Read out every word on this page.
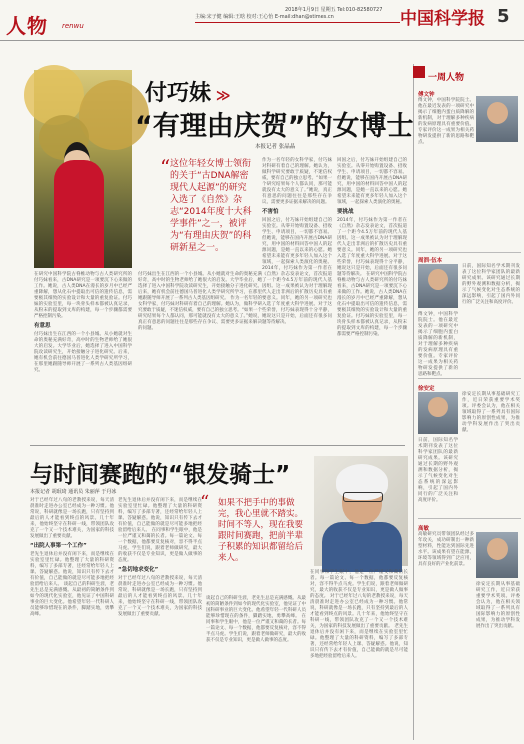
人物 renwu
2018年1月9日 星期五 Tel:010-82580727
主编:宋子健 编辑:王晗 校对:王心怡 E-mail:dhan@stimes.cn	中国科学报 5
付巧妹 ≫
“有理由庆贺”的女博士
本报记者 张晶晶
“ 这位年轻女博士领衔的关于“古DNA解密现代人起源”的研究入选了《自然》杂志“2014年度十大科学事件”之一，被评为“有理由庆贺”的科研新星之一。
在研究中国科学院古脊椎动物与古人类研究所的付巧妹看来，古DNA研究是一项要沉下心来做的工作。她说，古人类DNA在漫长的岁月中已经严重降解，想从化石中提取出可信的遗传信息，需要极其细致的实验设计和大量的重复验证。付巧妹的实验室里，每一块骨头样本都被认真记录，从粉末的提取到文库的构建，每一个步骤都需要严格控制污染。
有意思
付巧妹出生在江西的一个小县城。从小她就对生命的奥秘充满好奇，高中时的生物老师给了她很大的启发。大学毕业后，她选择了进入中国科学院攻读研究生，开始接触分子进化研究。后来，她有机会前往德国马普进化人类学研究所学习，在那里她跟随导师开展了一系列古人类基因组研究。
付巧妹出生在江西的一个小县城。从小她就对生命的奥秘充满好奇，高中时的生物老师给了她很大的启发。大学毕业后，她选择了进入中国科学院攻读研究生，开始接触分子进化研究。后来，她有机会前往德国马普进化人类学研究所学习，在那里她跟随导师开展了一系列古人类基因组研究。 作为一名年轻的女科学家，付巧妹对科研有着自己的理解。她认为，做科学研究要敢于质疑，不迷信权威，要有自己的独立思考。“如果一个研究结果每个人都认同，那可能就没有太大的意义了。”她说，真正有意思的问题往往是那些存在争议、需要更多证据来解决的问题。
作为一名年轻的女科学家，付巧妹对科研有着自己的理解。她认为，做科学研究要敢于质疑，不迷信权威，要有自己的独立思考。“如果一个研究结果每个人都认同，那可能就没有太大的意义了。”她说，真正有意思的问题往往是那些存在争议、需要更多证据来解决的问题。
不害怕
回国之后，付巧妹开始组建自己的实验室。从零开始购置设备、招收学生、申请项目，一切都不容易。但她说，能够在国内开展古DNA研究，用中国的材料回答中国人的起源问题，是她一直以来的心愿。她希望未来能有更多年轻人加入这个领域，一起探索人类演化的奥秘。 2014年，付巧妹作为第一作者在《自然》杂志发表论文，首次报道了一个距今4.5万年前的现代人基因组。这一成果被认为对于理解现代人走出非洲后的扩散历史具有重要意义。同年，她的另一项研究也入选了年度重大科学进展。对于这些荣誉，付巧妹表现得十分平静，她说这只是开始，后面还有很多问题等待解决。
回国之后，付巧妹开始组建自己的实验室。从零开始购置设备、招收学生、申请项目，一切都不容易。但她说，能够在国内开展古DNA研究，用中国的材料回答中国人的起源问题，是她一直以来的心愿。她希望未来能有更多年轻人加入这个领域，一起探索人类演化的奥秘。
要挑战
2014年，付巧妹作为第一作者在《自然》杂志发表论文，首次报道了一个距今4.5万年前的现代人基因组。这一成果被认为对于理解现代人走出非洲后的扩散历史具有重要意义。同年，她的另一项研究也入选了年度重大科学进展。对于这些荣誉，付巧妹表现得十分平静，她说这只是开始，后面还有很多问题等待解决。 在研究中国科学院古脊椎动物与古人类研究所的付巧妹看来，古DNA研究是一项要沉下心来做的工作。她说，古人类DNA在漫长的岁月中已经严重降解，想从化石中提取出可信的遗传信息，需要极其细致的实验设计和大量的重复验证。付巧妹的实验室里，每一块骨头样本都被认真记录，从粉末的提取到文库的构建，每一个步骤都需要严格控制污染。
与时间赛跑的“银发骑士”
本报记者 胡珉琦 通讯员 朱丽萍 于丹冰	“ 如果不把手中的事做完，我心里就不踏实。时间不等人，现在我要跟时间赛跑，把前半辈子积累的知识都留给后来人。
对于已经年过八旬的老教授来说，每天清晨准时走进办公室已经成为一种习惯。他常说，科研就像是一场长跑，只有坚持到最后的人才能看到终点的风景。几十年来，他始终坚守在科研一线，带领团队攻克了一个又一个技术难关，为国家的科技发展做出了重要贡献。
“出院人事第一个工作”
老先生退休后并没有闲下来，而是继续在实验室里忙碌。他整理了大量的科研资料，编写了多部专著，还经常给年轻人上课、答疑解惑。他说，知识只有传下去才有价值，自己能做的就是尽可能多地把经验留给后来人。 谈起自己的科研生涯，老先生总是充满感慨。从最初的简陋条件到如今的现代化实验室，他见证了中国科研事业的巨大变化。他希望年轻一代科研人员能够珍惜现在的条件，脚踏实地，勇攀高峰。
老先生退休后并没有闲下来，而是继续在实验室里忙碌。他整理了大量的科研资料，编写了多部专著，还经常给年轻人上课、答疑解惑。他说，知识只有传下去才有价值，自己能做的就是尽可能多地把经验留给后来人。 在同事和学生眼中，他是一位严谨又和蔼的长者。每一篇论文、每一个数据，他都要反复核对，容不得半点马虎。学生们说，跟着老师做研究，最大的收获不仅是专业知识，更是做人做事的态度。
“急切地求变化”
对于已经年过八旬的老教授来说，每天清晨准时走进办公室已经成为一种习惯。他常说，科研就像是一场长跑，只有坚持到最后的人才能看到终点的风景。几十年来，他始终坚守在科研一线，带领团队攻克了一个又一个技术难关，为国家的科技发展做出了重要贡献。
谈起自己的科研生涯，老先生总是充满感慨。从最初的简陋条件到如今的现代化实验室，他见证了中国科研事业的巨大变化。他希望年轻一代科研人员能够珍惜现在的条件，脚踏实地，勇攀高峰。 在同事和学生眼中，他是一位严谨又和蔼的长者。每一篇论文、每一个数据，他都要反复核对，容不得半点马虎。学生们说，跟着老师做研究，最大的收获不仅是专业知识，更是做人做事的态度。
在同事和学生眼中，他是一位严谨又和蔼的长者。每一篇论文、每一个数据，他都要反复核对，容不得半点马虎。学生们说，跟着老师做研究，最大的收获不仅是专业知识，更是做人做事的态度。 对于已经年过八旬的老教授来说，每天清晨准时走进办公室已经成为一种习惯。他常说，科研就像是一场长跑，只有坚持到最后的人才能看到终点的风景。几十年来，他始终坚守在科研一线，带领团队攻克了一个又一个技术难关，为国家的科技发展做出了重要贡献。 老先生退休后并没有闲下来，而是继续在实验室里忙碌。他整理了大量的科研资料，编写了多部专著，还经常给年轻人上课、答疑解惑。他说，知识只有传下去才有价值，自己能做的就是尽可能多地把经验留给后来人。
一周人物
傅文钟
傅文钟，中国科学院院士。他在最近发表的一项研究中揭示了细胞内蛋白质降解的新机制，对于理解多种疾病的发病原理具有重要价值。专家评价这一成果为相关药物研发提供了新的思路和靶点。
周泗·伍本
日前，国际知名学术期刊发表了这位科学家团队的最新研究成果。该研究通过长期的野外观测和数据分析，揭示了气候变化对生态系统的深远影响，引起了国内外同行的广泛关注和高度评价。
傅文钟，中国科学院院士。他在最近发表的一项研究中揭示了细胞内蛋白质降解的新机制，对于理解多种疾病的发病原理具有重要价值。专家评价这一成果为相关药物研发提供了新的思路和靶点。
徐安定
徐安定长期从事基础研究工作，近日荣获重要学术奖项。评委会认为，他在相关领域取得了一系列具有国际影响力的原创性成果，为推动学科发展作出了突出贡献。
日前，国际知名学术期刊发表了这位科学家团队的最新研究成果。该研究通过长期的野外观测和数据分析，揭示了气候变化对生态系统的深远影响，引起了国内外同行的广泛关注和高度评价。
高敏
高敏研究员带领团队经过多年攻关，成功研制出一种新型材料，性能达到国际先进水平。该成果有望在能源、环境等领域得到广泛应用，具有良好的产业化前景。
徐安定长期从事基础研究工作，近日荣获重要学术奖项。评委会认为，他在相关领域取得了一系列具有国际影响力的原创性成果，为推动学科发展作出了突出贡献。
